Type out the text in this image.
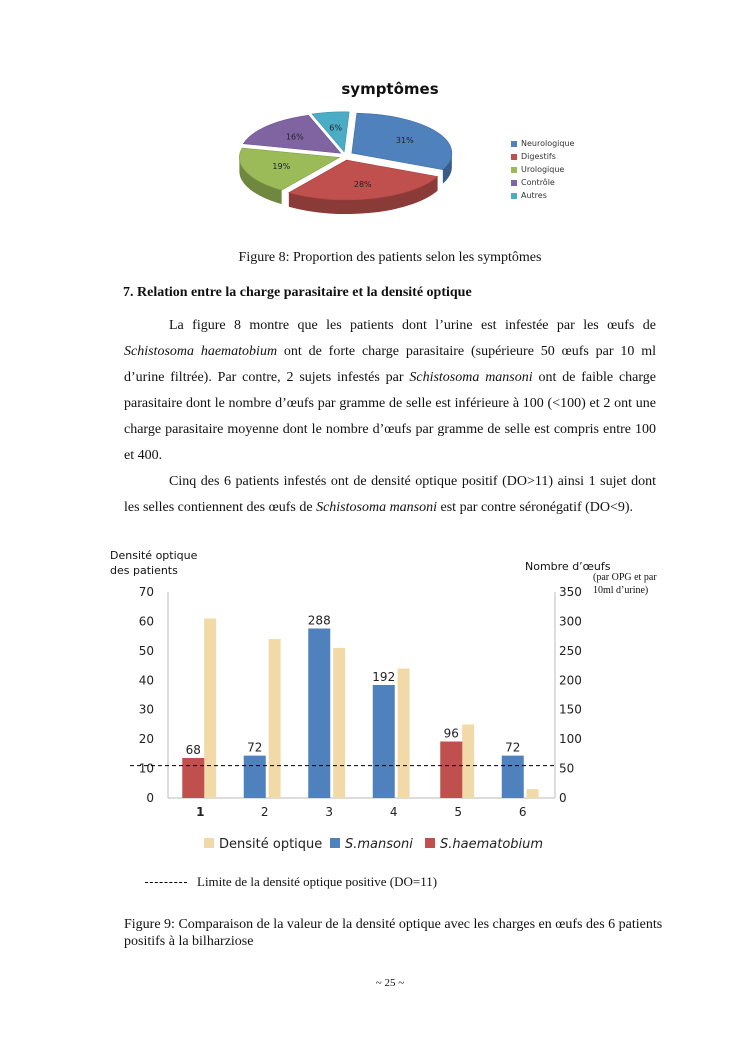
symptômes
31%
28%
19%
16%
6%
Neurologique
Digestifs
Urologique
Contrôle
Autres
Figure 8: Proportion des patients selon les symptômes
7. Relation entre la charge parasitaire et la densité optique

La figure 8 montre que les patients dont l’urine est infestée par les œufs de Schistosoma haematobium ont de forte charge parasitaire (supérieure 50 œufs par 10 ml d’urine filtrée). Par contre, 2 sujets infestés par Schistosoma mansoni ont de faible charge parasitaire dont le nombre d’œufs par gramme de selle est inférieure à 100 (<100) et 2 ont une charge parasitaire moyenne dont le nombre d’œufs par gramme de selle est compris entre 100 et 400.

Cinq des 6 patients infestés ont de densité optique positif (DO>11) ainsi 1 sujet dont les selles contiennent des œufs de Schistosoma mansoni est par contre séronégatif (DO<9).

Densité optique
des patients	Nombre d’œufs
(par OPG et par
10ml d’urine)
0
10
20
30
40
50
60
70
0
50
100
150
200
250
300
350
68	72
288
192
96
72
1	2	3	4	5	6
Densité optique S.mansoni S.haematobium
Limite de la densité optique positive (DO=11)
Figure 9: Comparaison de la valeur de la densité optique avec les charges en œufs des 6 patients positifs à la bilharziose
~ 25 ~
